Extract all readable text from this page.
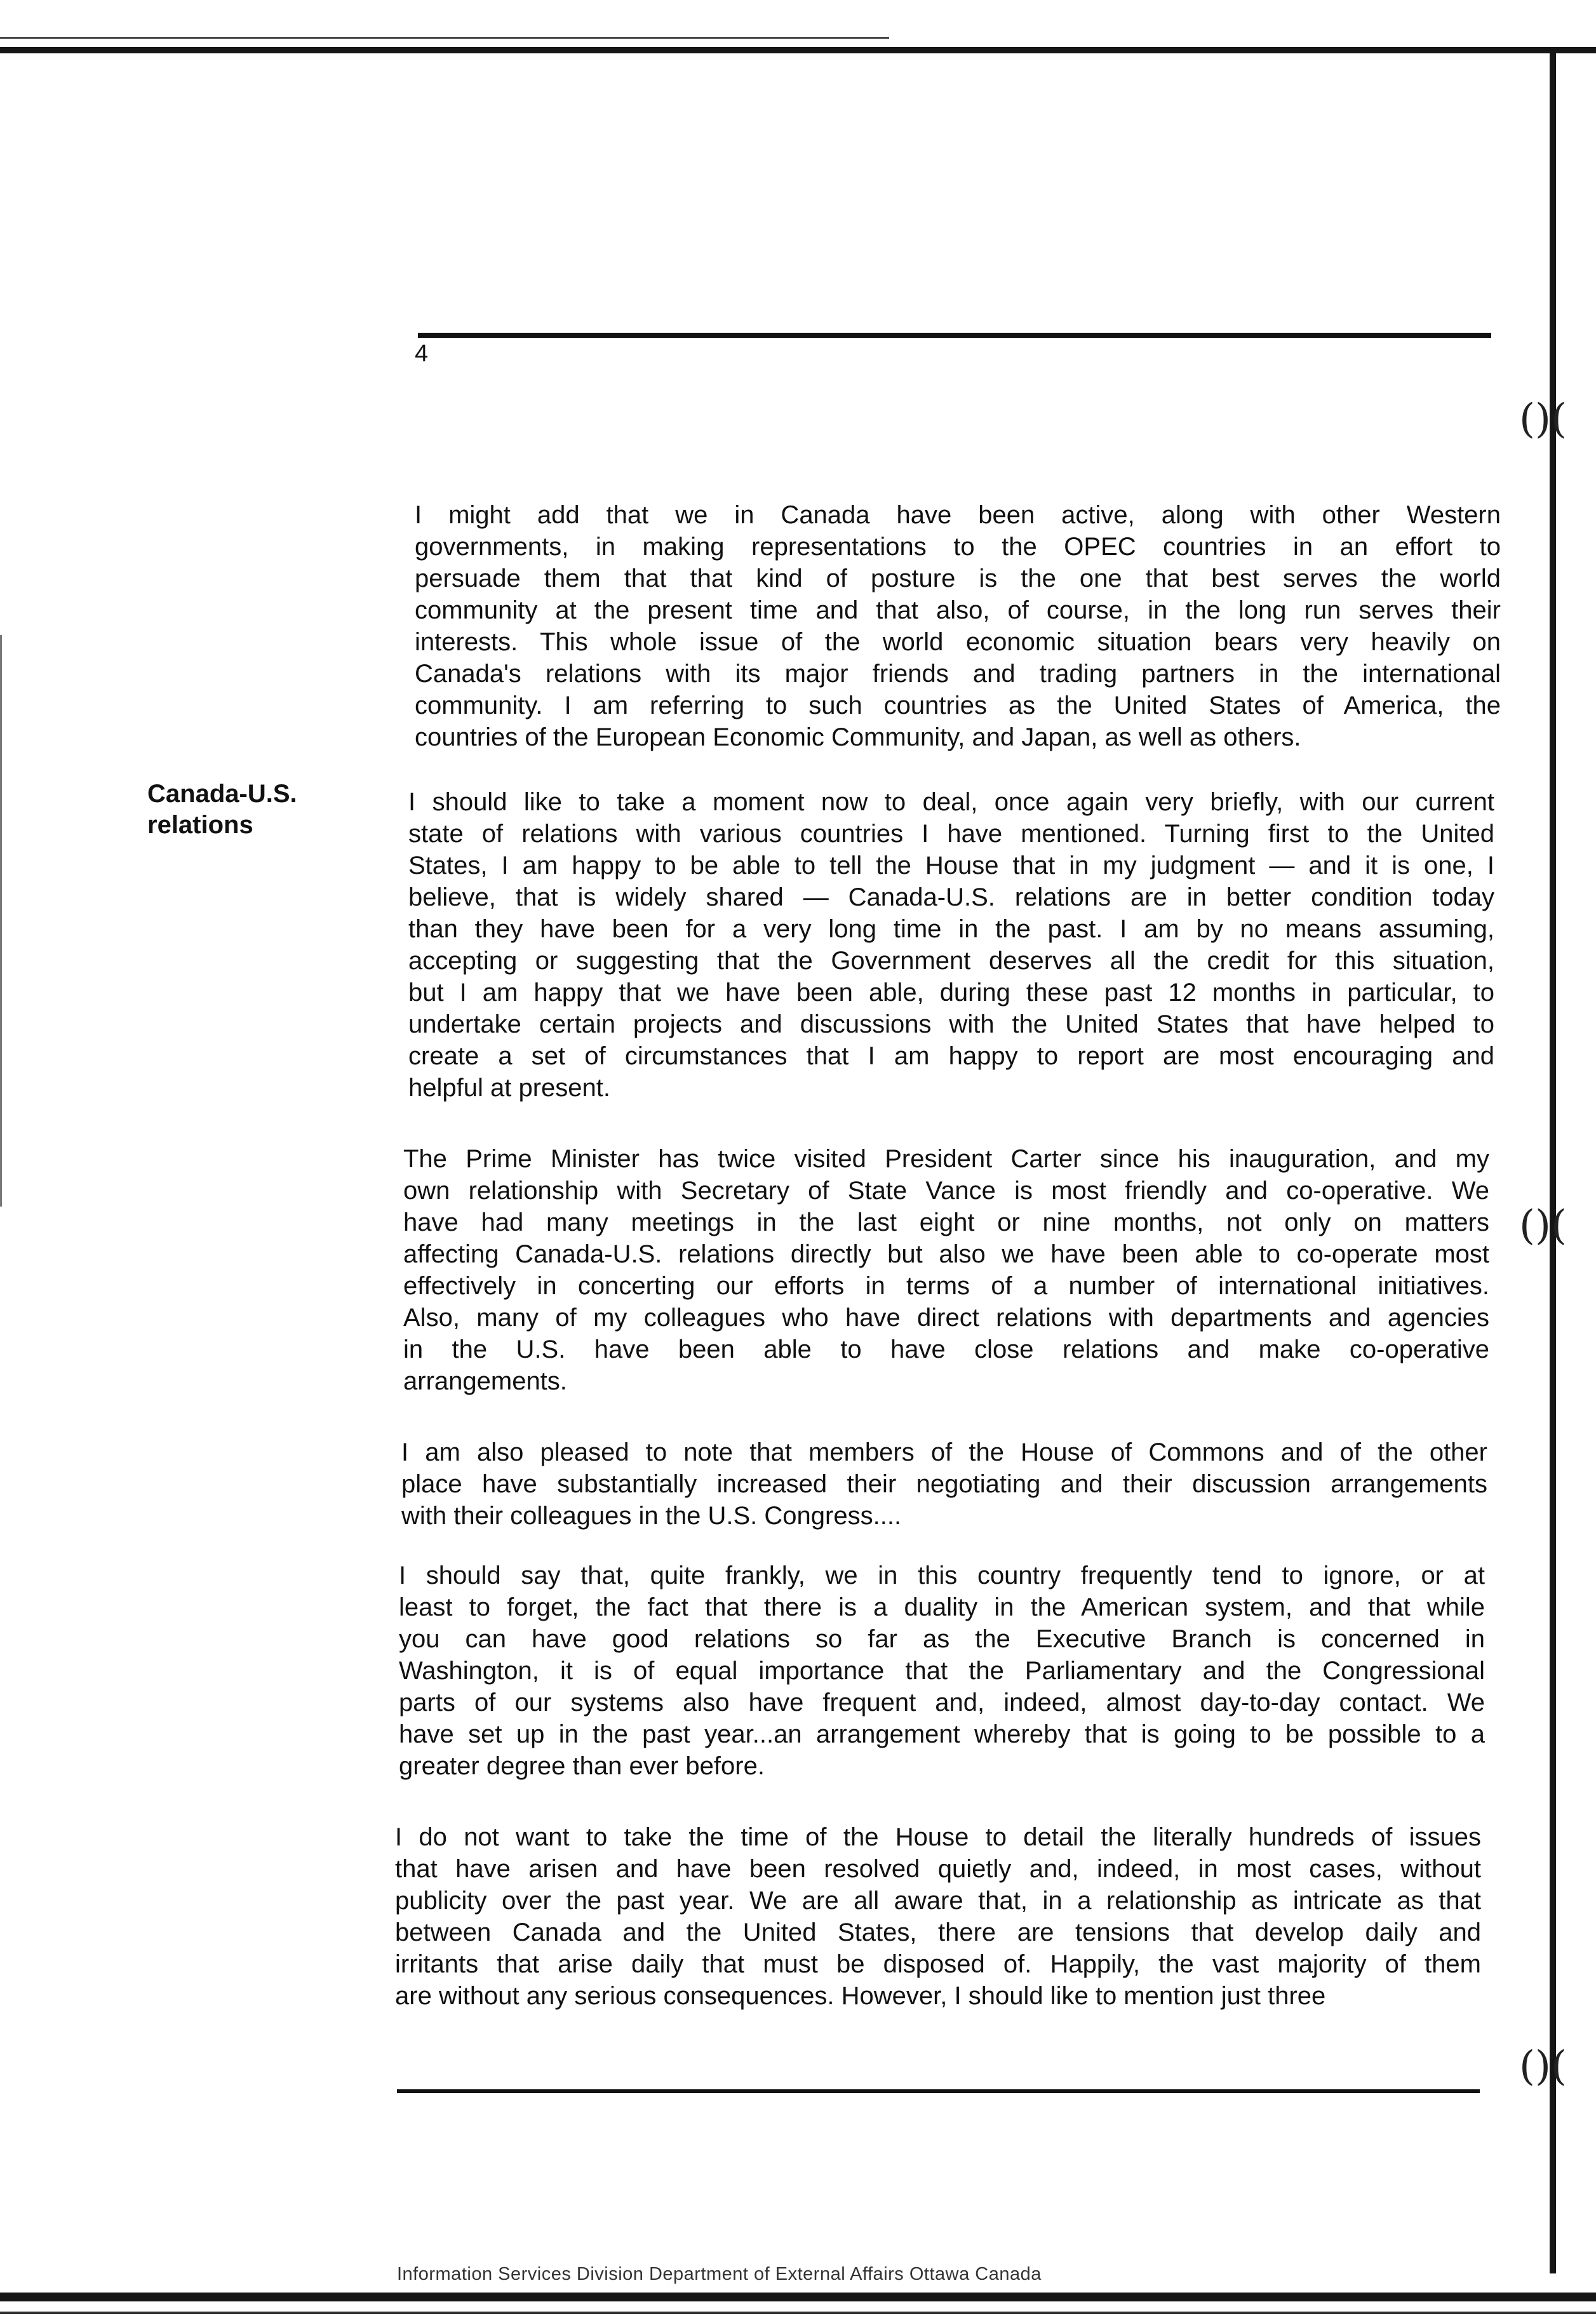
4
Canada-U.S.
relations
I might add that we in Canada have been active, along with other Western
governments, in making representations to the OPEC countries in an effort to
persuade them that that kind of posture is the one that best serves the world
community at the present time and that also, of course, in the long run serves their
interests. This whole issue of the world economic situation bears very heavily on
Canada's relations with its major friends and trading partners in the international
community. I am referring to such countries as the United States of America, the
countries of the European Economic Community, and Japan, as well as others.
I should like to take a moment now to deal, once again very briefly, with our current
state of relations with various countries I have mentioned. Turning first to the United
States, I am happy to be able to tell the House that in my judgment — and it is one, I
believe, that is widely shared — Canada-U.S. relations are in better condition today
than they have been for a very long time in the past. I am by no means assuming,
accepting or suggesting that the Government deserves all the credit for this situation,
but I am happy that we have been able, during these past 12 months in particular, to
undertake certain projects and discussions with the United States that have helped to
create a set of circumstances that I am happy to report are most encouraging and
helpful at present.
The Prime Minister has twice visited President Carter since his inauguration, and my
own relationship with Secretary of State Vance is most friendly and co-operative. We
have had many meetings in the last eight or nine months, not only on matters
affecting Canada-U.S. relations directly but also we have been able to co-operate most
effectively in concerting our efforts in terms of a number of international initiatives.
Also, many of my colleagues who have direct relations with departments and agencies
in the U.S. have been able to have close relations and make co-operative
arrangements.
I am also pleased to note that members of the House of Commons and of the other
place have substantially increased their negotiating and their discussion arrangements
with their colleagues in the U.S. Congress....
I should say that, quite frankly, we in this country frequently tend to ignore, or at
least to forget, the fact that there is a duality in the American system, and that while
you can have good relations so far as the Executive Branch is concerned in
Washington, it is of equal importance that the Parliamentary and the Congressional
parts of our systems also have frequent and, indeed, almost day-to-day contact. We
have set up in the past year...an arrangement whereby that is going to be possible to a
greater degree than ever before.
I do not want to take the time of the House to detail the literally hundreds of issues
that have arisen and have been resolved quietly and, indeed, in most cases, without
publicity over the past year. We are all aware that, in a relationship as intricate as that
between Canada and the United States, there are tensions that develop daily and
irritants that arise daily that must be disposed of. Happily, the vast majority of them
are without any serious consequences. However, I should like to mention just three
()(
()(
()(
Information Services Division Department of External Affairs Ottawa Canada
